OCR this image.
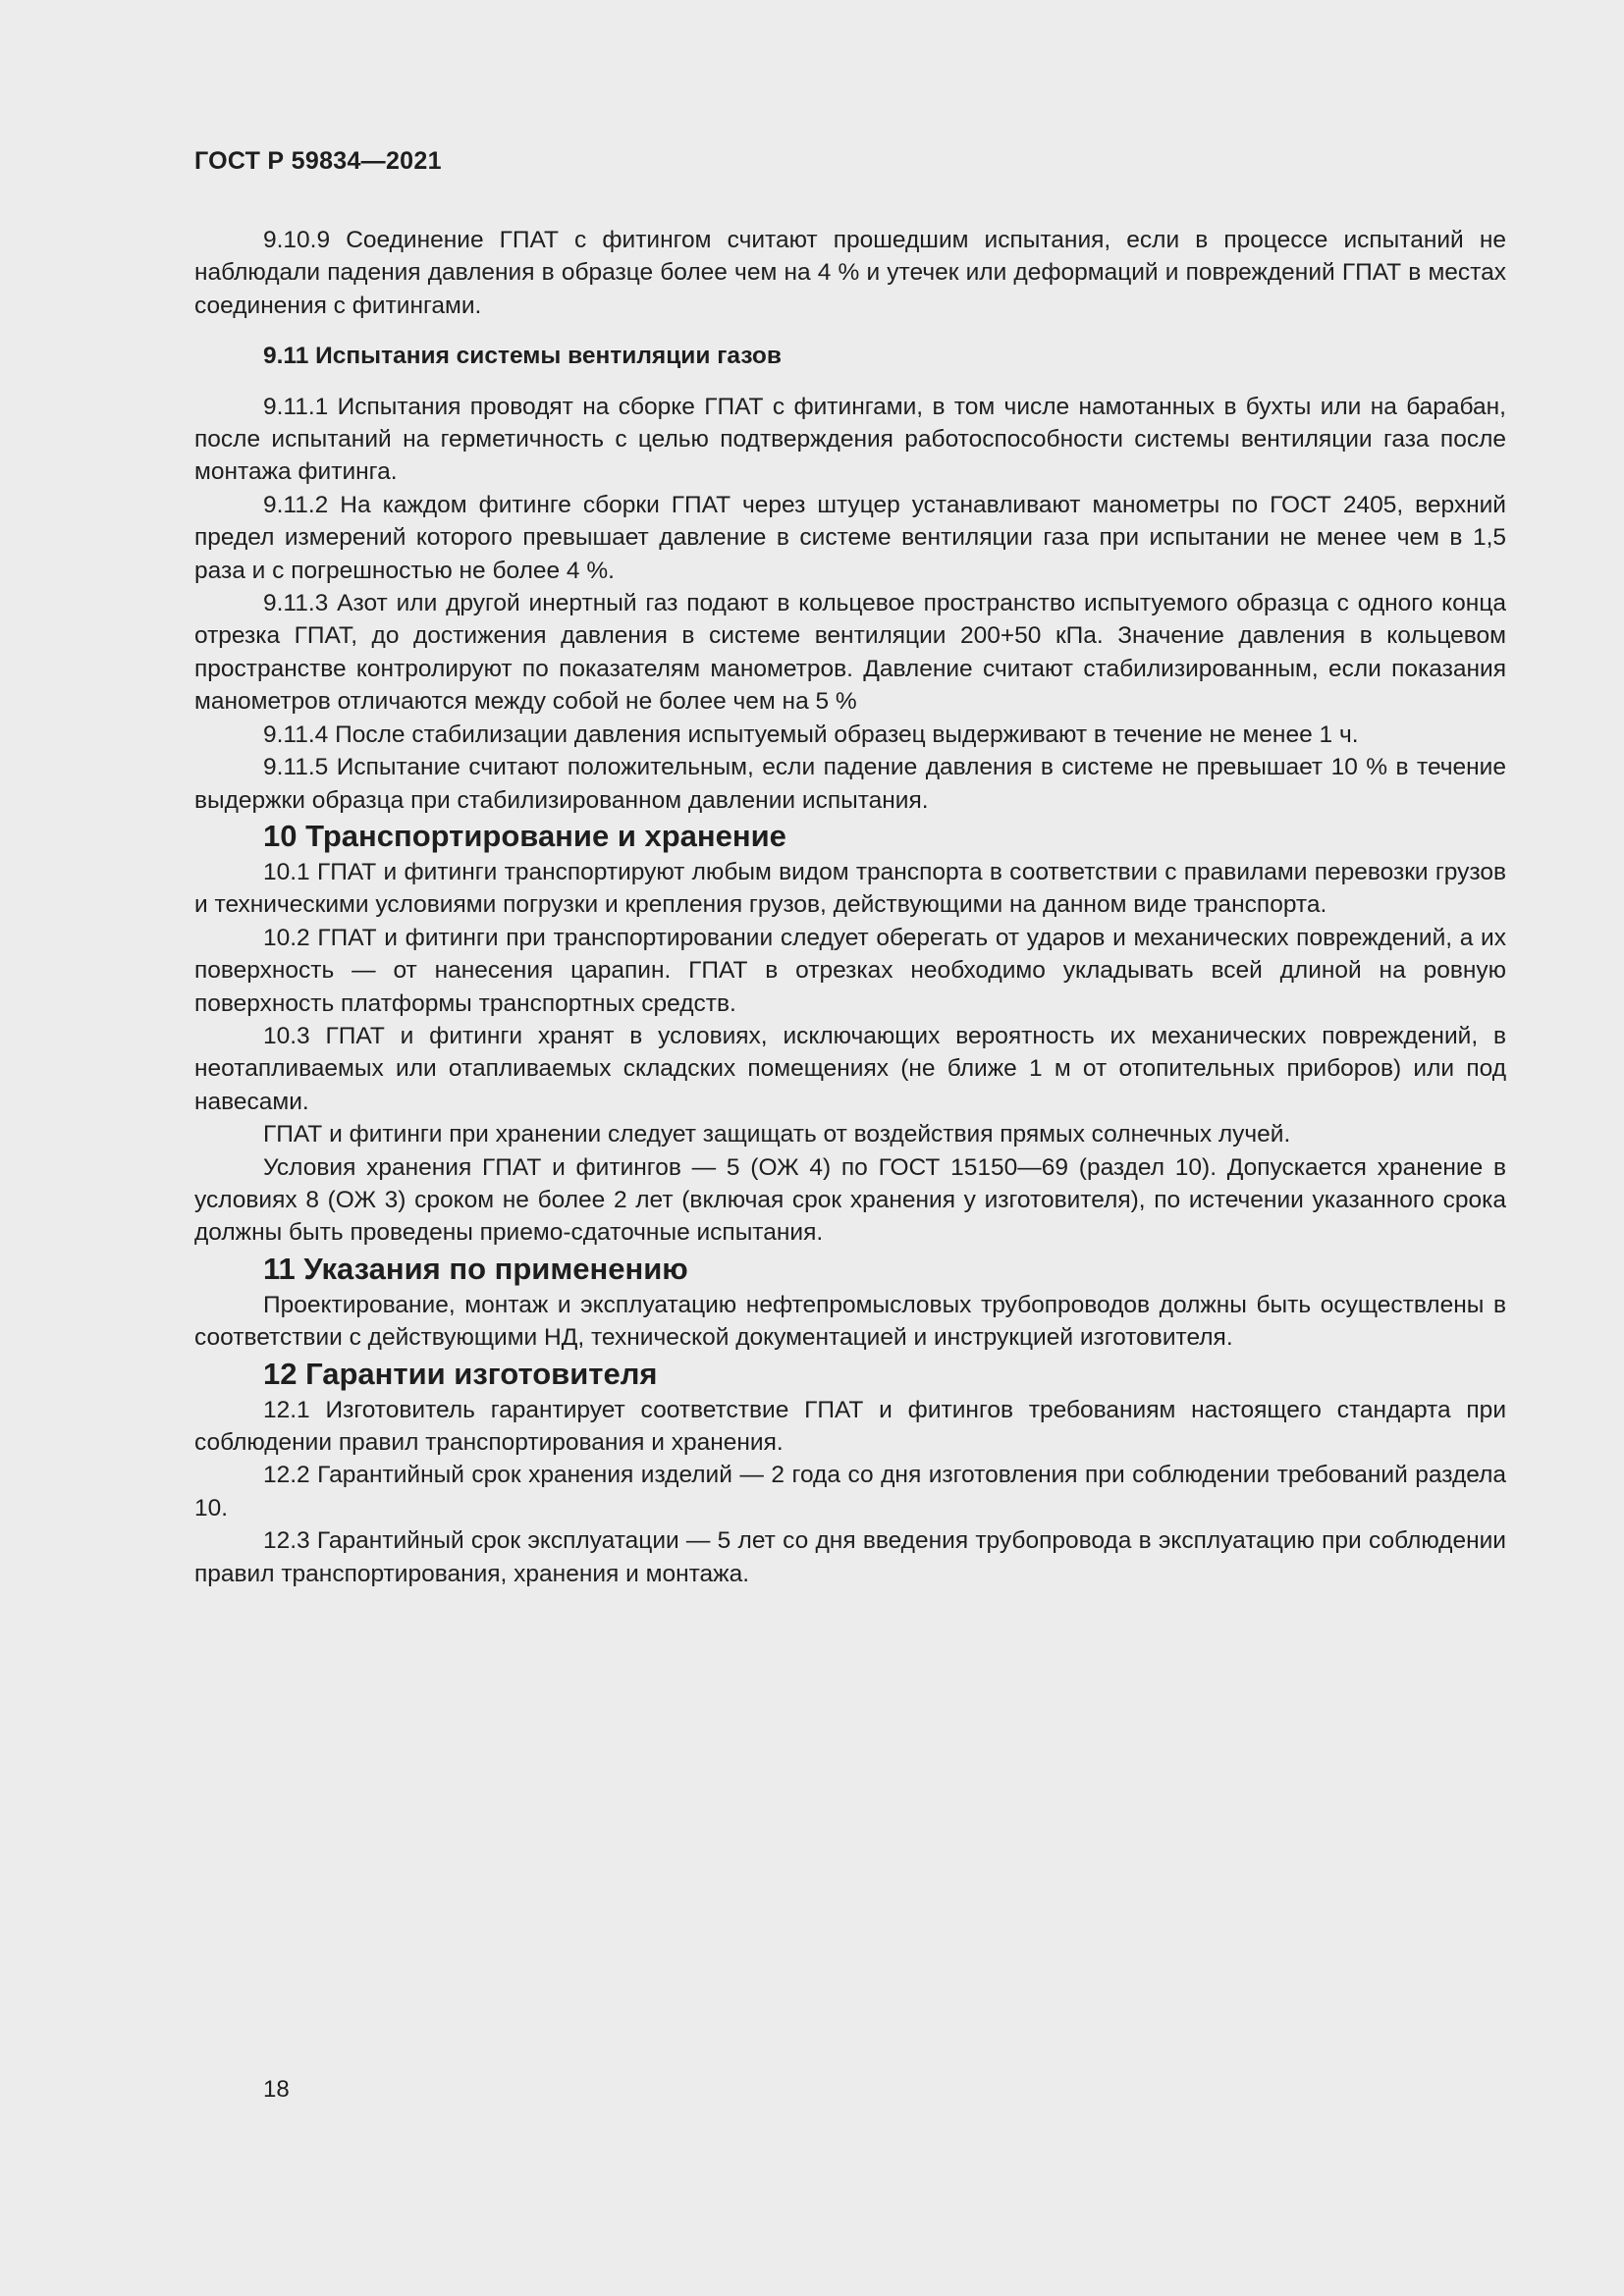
ГОСТ Р 59834—2021

9.10.9 Соединение ГПАТ с фитингом считают прошедшим испытания, если в процессе испытаний не наблюдали падения давления в образце более чем на 4 % и утечек или деформаций и повреждений ГПАТ в местах соединения с фитингами.

9.11 Испытания системы вентиляции газов

9.11.1 Испытания проводят на сборке ГПАТ с фитингами, в том числе намотанных в бухты или на барабан, после испытаний на герметичность с целью подтверждения работоспособности системы вентиляции газа после монтажа фитинга.

9.11.2 На каждом фитинге сборки ГПАТ через штуцер устанавливают манометры по ГОСТ 2405, верхний предел измерений которого превышает давление в системе вентиляции газа при испытании не менее чем в 1,5 раза и с погрешностью не более 4 %.

9.11.3 Азот или другой инертный газ подают в кольцевое пространство испытуемого образца с одного конца отрезка ГПАТ, до достижения давления в системе вентиляции 200+50 кПа. Значение давления в кольцевом пространстве контролируют по показателям манометров. Давление считают стабилизированным, если показания манометров отличаются между собой не более чем на 5 %

9.11.4 После стабилизации давления испытуемый образец выдерживают в течение не менее 1 ч.

9.11.5 Испытание считают положительным, если падение давления в системе не превышает 10 % в течение выдержки образца при стабилизированном давлении испытания.

10 Транспортирование и хранение

10.1 ГПАТ и фитинги транспортируют любым видом транспорта в соответствии с правилами перевозки грузов и техническими условиями погрузки и крепления грузов, действующими на данном виде транспорта.

10.2 ГПАТ и фитинги при транспортировании следует оберегать от ударов и механических повреждений, а их поверхность — от нанесения царапин. ГПАТ в отрезках необходимо укладывать всей длиной на ровную поверхность платформы транспортных средств.

10.3 ГПАТ и фитинги хранят в условиях, исключающих вероятность их механических повреждений, в неотапливаемых или отапливаемых складских помещениях (не ближе 1 м от отопительных приборов) или под навесами.

ГПАТ и фитинги при хранении следует защищать от воздействия прямых солнечных лучей.

Условия хранения ГПАТ и фитингов — 5 (ОЖ 4) по ГОСТ 15150—69 (раздел 10). Допускается хранение в условиях 8 (ОЖ 3) сроком не более 2 лет (включая срок хранения у изготовителя), по истечении указанного срока должны быть проведены приемо-сдаточные испытания.

11 Указания по применению

Проектирование, монтаж и эксплуатацию нефтепромысловых трубопроводов должны быть осуществлены в соответствии с действующими НД, технической документацией и инструкцией изготовителя.

12 Гарантии изготовителя

12.1 Изготовитель гарантирует соответствие ГПАТ и фитингов требованиям настоящего стандарта при соблюдении правил транспортирования и хранения.

12.2 Гарантийный срок хранения изделий — 2 года со дня изготовления при соблюдении требований раздела 10.

12.3 Гарантийный срок эксплуатации — 5 лет со дня введения трубопровода в эксплуатацию при соблюдении правил транспортирования, хранения и монтажа.

18
